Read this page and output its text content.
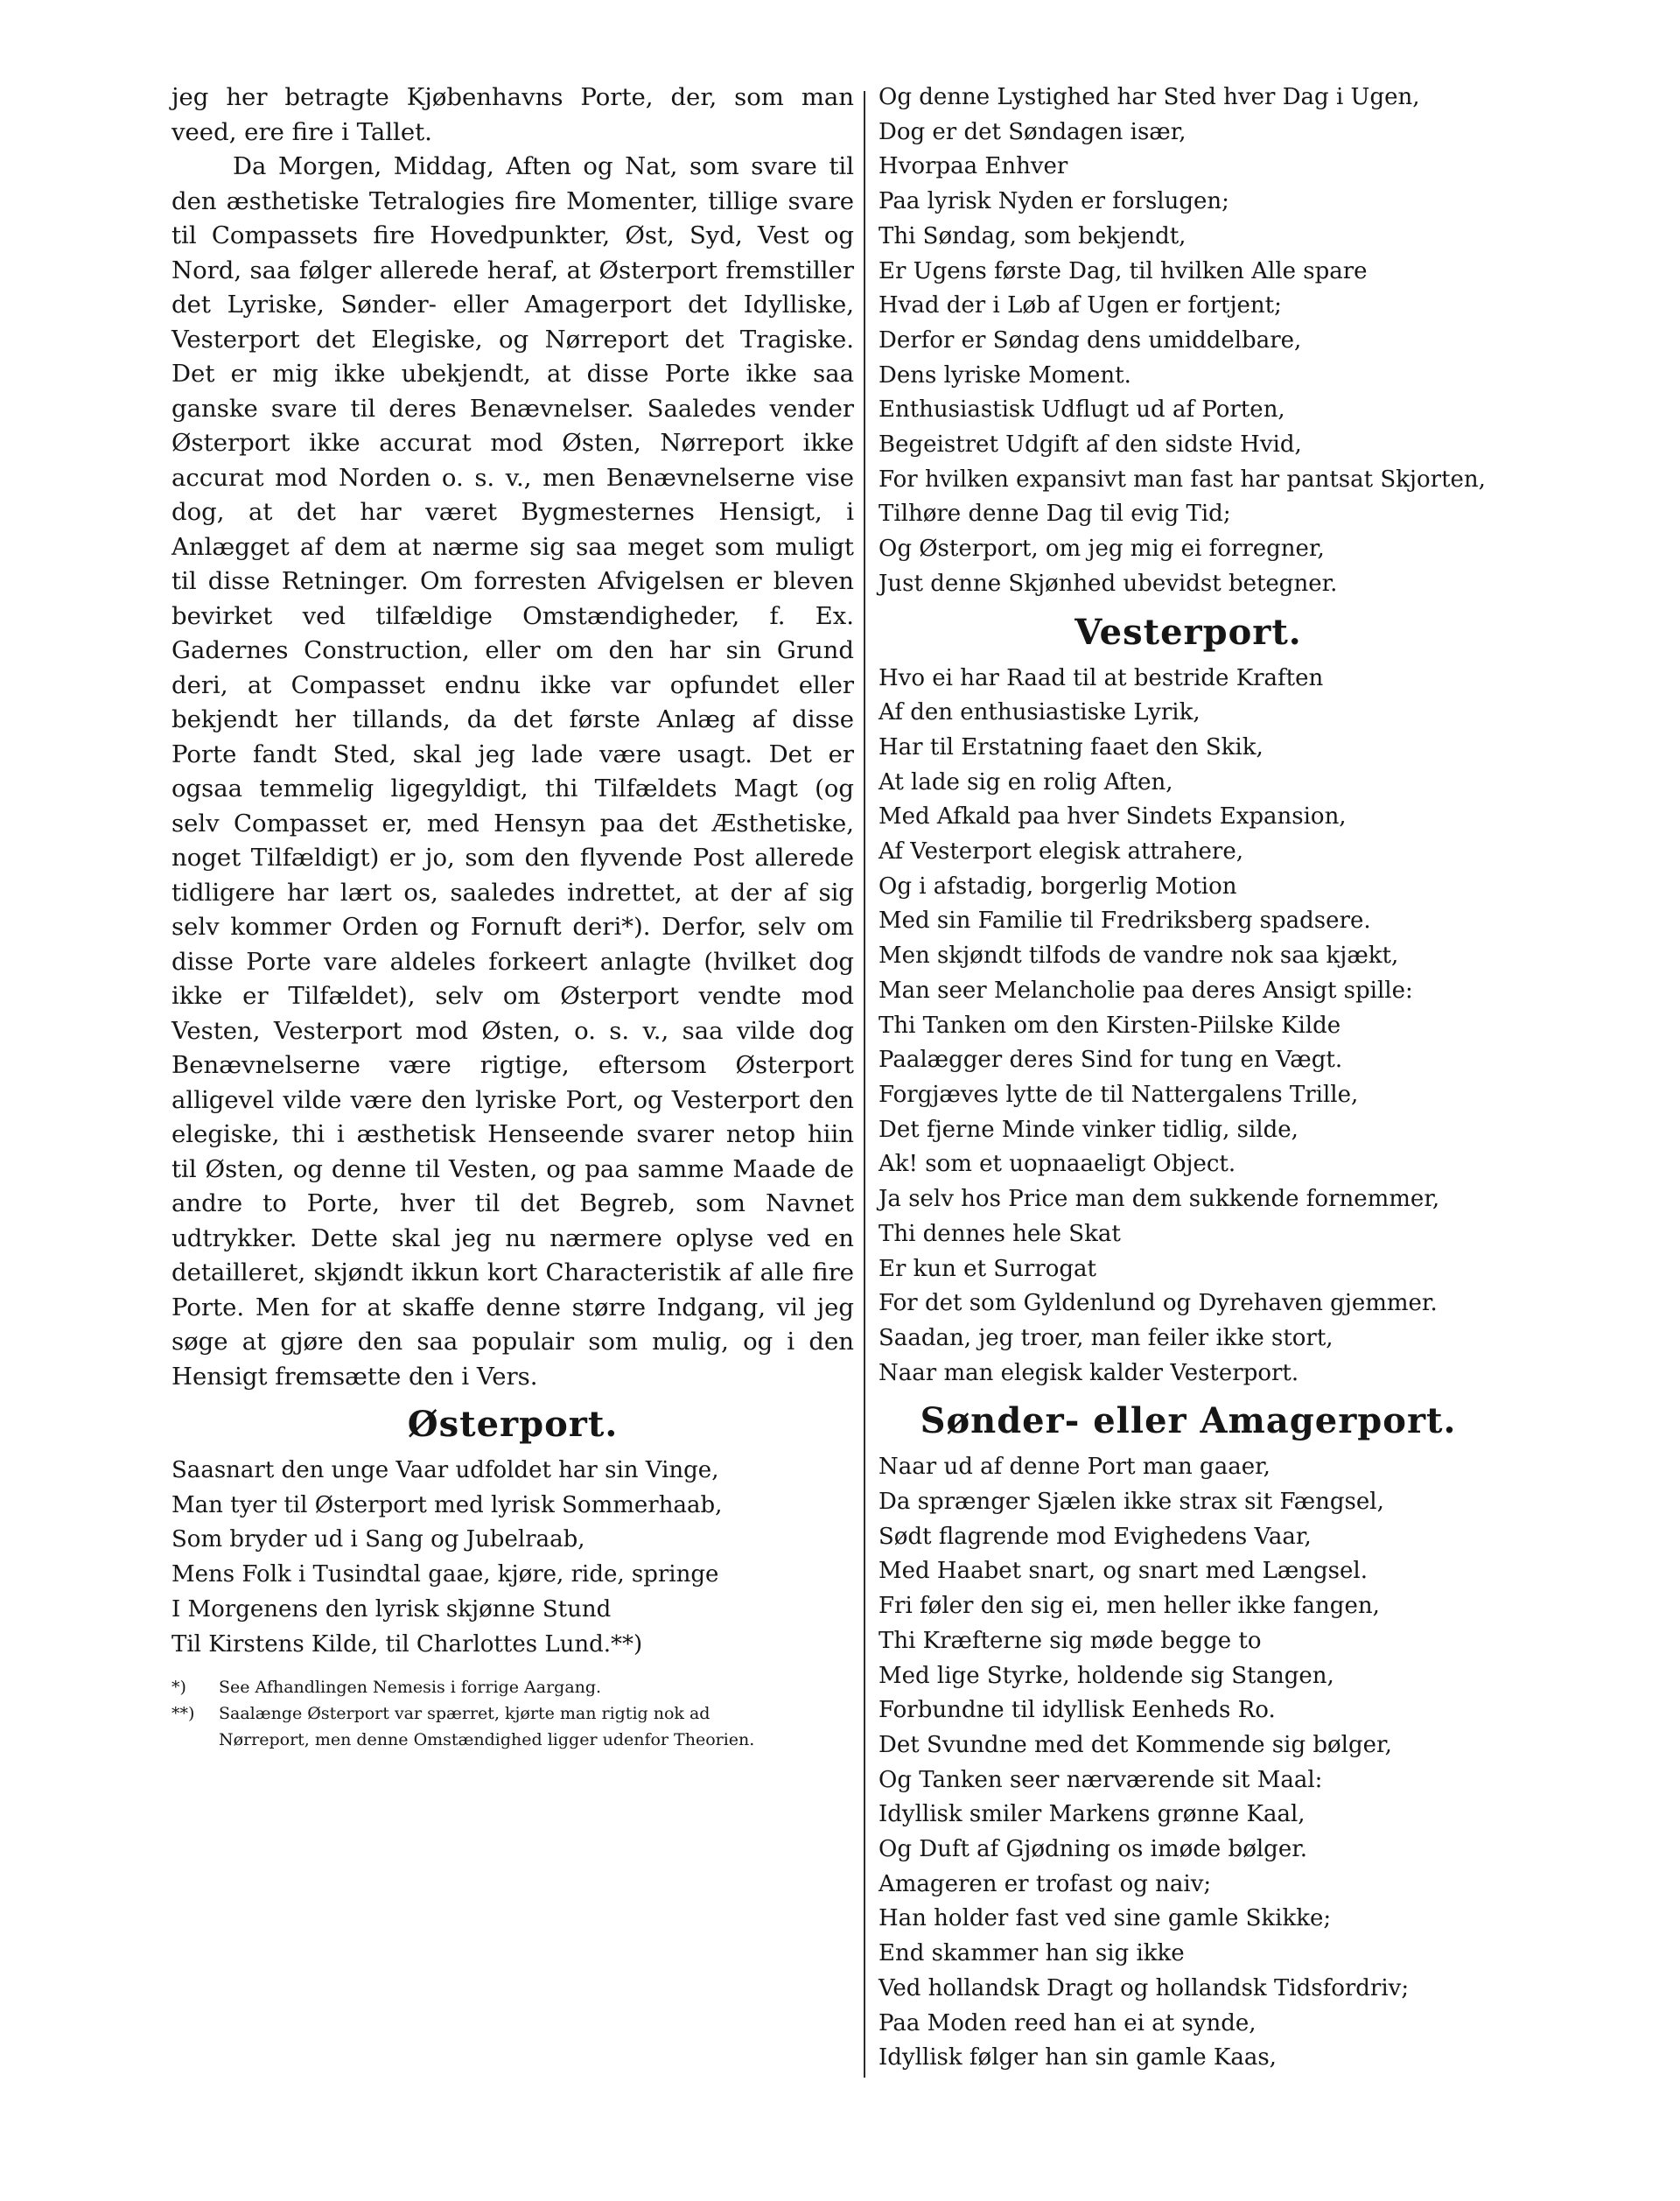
jeg her betragte Kjøbenhavns Porte, der, som man veed, ere fire i Tallet.

Da Morgen, Middag, Aften og Nat, som svare til den æsthetiske Tetralogies fire Momenter, tillige svare til Compassets fire Hovedpunkter, Øst, Syd, Vest og Nord, saa følger allerede heraf, at Østerport fremstiller det Lyriske, Sønder- eller Amagerport det Idylliske, Vesterport det Elegiske, og Nørreport det Tragiske. Det er mig ikke ubekjendt, at disse Porte ikke saa ganske svare til deres Benævnelser. Saaledes vender Østerport ikke accurat mod Østen, Nørreport ikke accurat mod Norden o. s. v., men Benævnelserne vise dog, at det har været Bygmesternes Hensigt, i Anlægget af dem at nærme sig saa meget som muligt til disse Retninger. Om forresten Afvigelsen er bleven bevirket ved tilfældige Omstændigheder, f. Ex. Gadernes Construction, eller om den har sin Grund deri, at Compasset endnu ikke var opfundet eller bekjendt her tillands, da det første Anlæg af disse Porte fandt Sted, skal jeg lade være usagt. Det er ogsaa temmelig ligegyldigt, thi Tilfældets Magt (og selv Compasset er, med Hensyn paa det Æsthetiske, noget Tilfældigt) er jo, som den flyvende Post allerede tidligere har lært os, saaledes indrettet, at der af sig selv kommer Orden og Fornuft deri*). Derfor, selv om disse Porte vare aldeles forkeert anlagte (hvilket dog ikke er Tilfældet), selv om Østerport vendte mod Vesten, Vesterport mod Østen, o. s. v., saa vilde dog Benævnelserne være rigtige, eftersom Østerport alligevel vilde være den lyriske Port, og Vesterport den elegiske, thi i æsthetisk Henseende svarer netop hiin til Østen, og denne til Vesten, og paa samme Maade de andre to Porte, hver til det Begreb, som Navnet udtrykker. Dette skal jeg nu nærmere oplyse ved en detailleret, skjøndt ikkun kort Characteristik af alle fire Porte. Men for at skaffe denne større Indgang, vil jeg søge at gjøre den saa populair som mulig, og i den Hensigt fremsætte den i Vers.

Østerport.
Saasnart den unge Vaar udfoldet har sin Vinge,
Man tyer til Østerport med lyrisk Sommerhaab,
Som bryder ud i Sang og Jubelraab,
Mens Folk i Tusindtal gaae, kjøre, ride, springe
I Morgenens den lyrisk skjønne Stund
Til Kirstens Kilde, til Charlottes Lund.**)
*) See Afhandlingen Nemesis i forrige Aargang.
**) Saalænge Østerport var spærret, kjørte man rigtig nok ad
Nørreport, men denne Omstændighed ligger udenfor Theorien.
Og denne Lystighed har Sted hver Dag i Ugen,
Dog er det Søndagen især,
Hvorpaa Enhver
Paa lyrisk Nyden er forslugen;
Thi Søndag, som bekjendt,
Er Ugens første Dag, til hvilken Alle spare
Hvad der i Løb af Ugen er fortjent;
Derfor er Søndag dens umiddelbare,
Dens lyriske Moment.
Enthusiastisk Udflugt ud af Porten,
Begeistret Udgift af den sidste Hvid,
For hvilken expansivt man fast har pantsat Skjorten,
Tilhøre denne Dag til evig Tid;
Og Østerport, om jeg mig ei forregner,
Just denne Skjønhed ubevidst betegner.
Vesterport.
Hvo ei har Raad til at bestride Kraften
Af den enthusiastiske Lyrik,
Har til Erstatning faaet den Skik,
At lade sig en rolig Aften,
Med Afkald paa hver Sindets Expansion,
Af Vesterport elegisk attrahere,
Og i afstadig, borgerlig Motion
Med sin Familie til Fredriksberg spadsere.
Men skjøndt tilfods de vandre nok saa kjækt,
Man seer Melancholie paa deres Ansigt spille:
Thi Tanken om den Kirsten-Piilske Kilde
Paalægger deres Sind for tung en Vægt.
Forgjæves lytte de til Nattergalens Trille,
Det fjerne Minde vinker tidlig, silde,
Ak! som et uopnaaeligt Object.
Ja selv hos Price man dem sukkende fornemmer,
Thi dennes hele Skat
Er kun et Surrogat
For det som Gyldenlund og Dyrehaven gjemmer.
Saadan, jeg troer, man feiler ikke stort,
Naar man elegisk kalder Vesterport.
Sønder- eller Amagerport.
Naar ud af denne Port man gaaer,
Da sprænger Sjælen ikke strax sit Fængsel,
Sødt flagrende mod Evighedens Vaar,
Med Haabet snart, og snart med Længsel.
Fri føler den sig ei, men heller ikke fangen,
Thi Kræfterne sig møde begge to
Med lige Styrke, holdende sig Stangen,
Forbundne til idyllisk Eenheds Ro.
Det Svundne med det Kommende sig bølger,
Og Tanken seer nærværende sit Maal:
Idyllisk smiler Markens grønne Kaal,
Og Duft af Gjødning os imøde bølger.
Amageren er trofast og naiv;
Han holder fast ved sine gamle Skikke;
End skammer han sig ikke
Ved hollandsk Dragt og hollandsk Tidsfordriv;
Paa Moden reed han ei at synde,
Idyllisk følger han sin gamle Kaas,
